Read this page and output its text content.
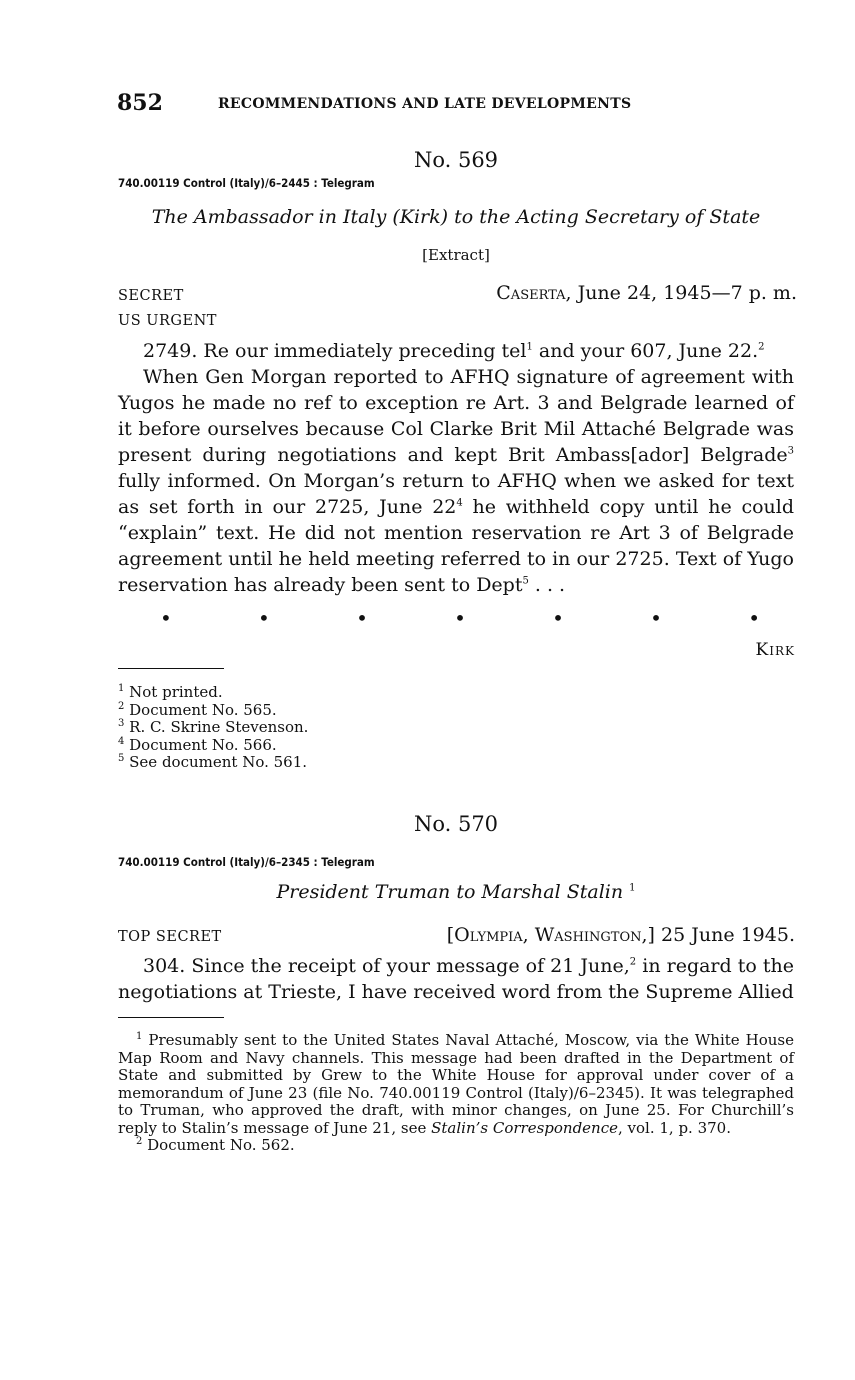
852	RECOMMENDATIONS AND LATE DEVELOPMENTS
No. 569
740.00119 Control (Italy)/6–2445 : Telegram
The Ambassador in Italy (Kirk) to the Acting Secretary of State
[Extract]
SECRET	Caserta, June 24, 1945—7 p. m.
US URGENT

2749. Re our immediately preceding tel$^1$ and your 607, June 22.$^2$

When Gen Morgan reported to AFHQ signature of agreement with Yugos he made no ref to exception re Art. 3 and Belgrade learned of it before ourselves because Col Clarke Brit Mil Attaché Belgrade was present during negotiations and kept Brit Ambass[ador] Belgrade$^3$ fully informed. On Morgan’s return to AFHQ when we asked for text as set forth in our 2725, June $22^4$ he withheld copy until he could “explain” text. He did not mention reservation re Art 3 of Belgrade agreement until he held meeting referred to in our 2725. Text of Yugo reservation has already been sent to Dept$^5$ . . .

•	•	•	•	•	•	•
Kirk
$^1$ Not printed.
$^2$ Document No. 565.
$^3$ R. C. Skrine Stevenson.
$^4$ Document No. 566.
$^5$ See document No. 561.
No. 570
740.00119 Control (Italy)/6–2345 : Telegram
President Truman to Marshal Stalin $^1$
TOP SECRET	[Olympia, Washington,] 25 June 1945.

304. Since the receipt of your message of 21 June,$^2$ in regard to the negotiations at Trieste, I have received word from the Supreme Allied

$^1$ Presumably sent to the United States Naval Attaché, Moscow, via the White House Map Room and Navy channels. This message had been drafted in the Department of State and submitted by Grew to the White House for approval under cover of a memorandum of June 23 (file No. 740.00119 Control (Italy)/6–2345). It was telegraphed to Truman, who approved the draft, with minor changes, on June 25. For Churchill’s reply to Stalin’s message of June 21, see Stalin’s Correspondence, vol. 1, p. 370.
$^2$ Document No. 562.
